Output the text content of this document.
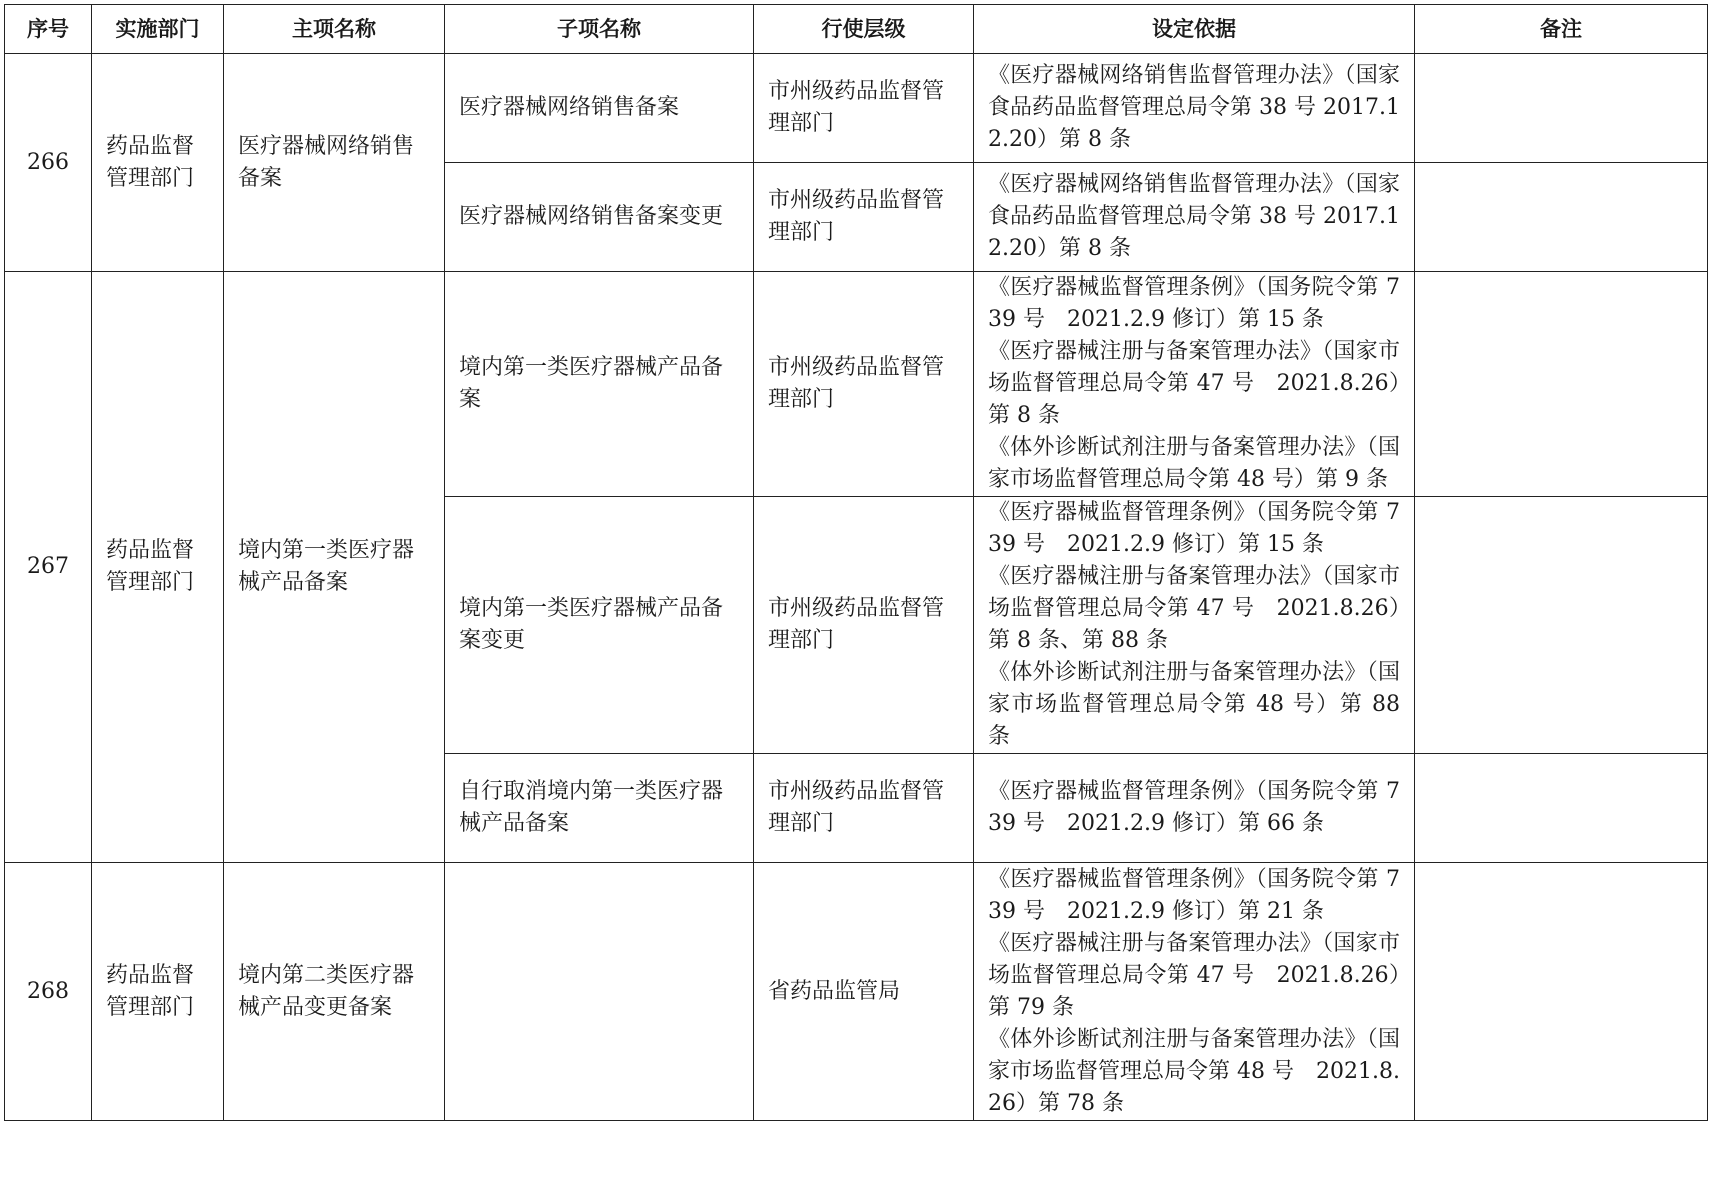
序号	实施部门	主项名称	子项名称	行使层级	设定依据	备注
266	药品监督管理部门	医疗器械网络销售备案	医疗器械网络销售备案	市州级药品监督管理部门	《医疗器械网络销售监督管理办法》（国家食品药品监督管理总局令第 38 号 2017.12.20）第 8 条	

			医疗器械网络销售备案变更	市州级药品监督管理部门	《医疗器械网络销售监督管理办法》（国家食品药品监督管理总局令第 38 号 2017.12.20）第 8 条	

267	药品监督管理部门	境内第一类医疗器械产品备案	境内第一类医疗器械产品备案	市州级药品监督管理部门	《医疗器械监督管理条例》（国务院令第 739 号　2021.2.9 修订）第 15 条
《医疗器械注册与备案管理办法》（国家市场监督管理总局令第 47 号　2021.8.26）第 8 条
《体外诊断试剂注册与备案管理办法》（国家市场监督管理总局令第 48 号）第 9 条	

			境内第一类医疗器械产品备案变更	市州级药品监督管理部门	《医疗器械监督管理条例》（国务院令第 739 号　2021.2.9 修订）第 15 条
《医疗器械注册与备案管理办法》（国家市场监督管理总局令第 47 号　2021.8.26）第 8 条、第 88 条
《体外诊断试剂注册与备案管理办法》（国家市场监督管理总局令第 48 号）第 88 条	

			自行取消境内第一类医疗器械产品备案	市州级药品监督管理部门	《医疗器械监督管理条例》（国务院令第 739 号　2021.2.9 修订）第 66 条	

268	药品监督管理部门	境内第二类医疗器械产品变更备案		省药品监管局	《医疗器械监督管理条例》（国务院令第 739 号　2021.2.9 修订）第 21 条
《医疗器械注册与备案管理办法》（国家市场监督管理总局令第 47 号　2021.8.26）第 79 条
《体外诊断试剂注册与备案管理办法》（国家市场监督管理总局令第 48 号　2021.8.26）第 78 条	
